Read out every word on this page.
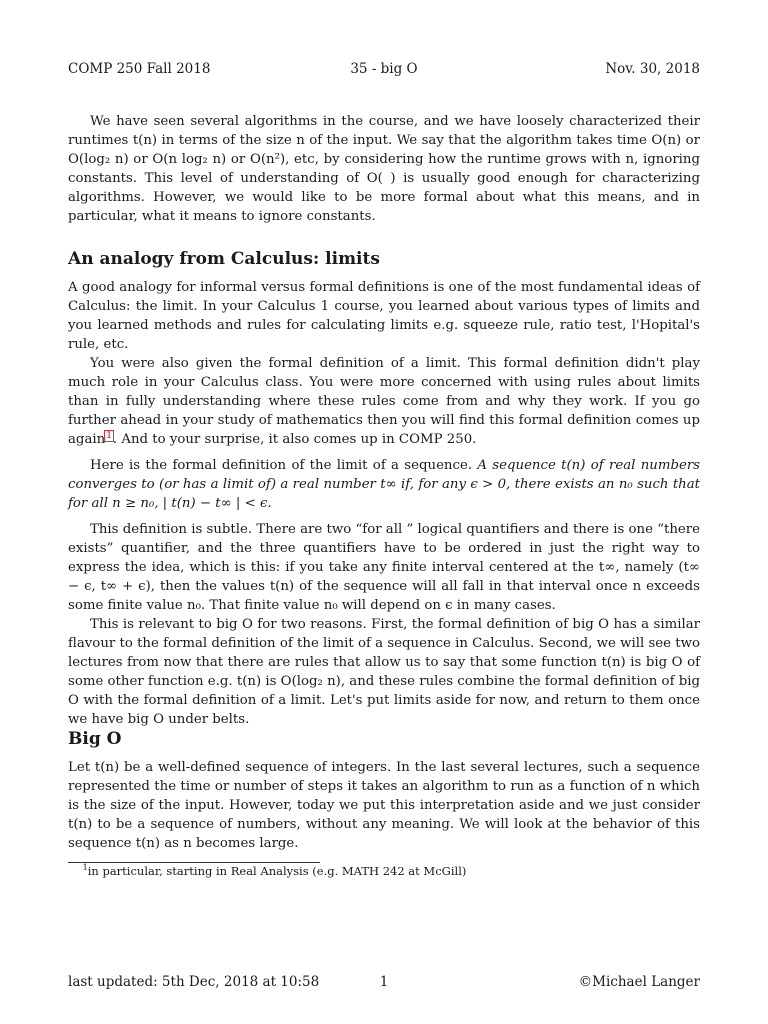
COMP 250 Fall 2018	35 - big O	Nov. 30, 2018

We have seen several algorithms in the course, and we have loosely characterized their runtimes t(n) in terms of the size n of the input. We say that the algorithm takes time O(n) or O(log₂ n) or O(n log₂ n) or O(n²), etc, by considering how the runtime grows with n, ignoring constants. This level of understanding of O( ) is usually good enough for characterizing algorithms. However, we would like to be more formal about what this means, and in particular, what it means to ignore constants.

An analogy from Calculus: limits

A good analogy for informal versus formal definitions is one of the most fundamental ideas of Calculus: the limit. In your Calculus 1 course, you learned about various types of limits and you learned methods and rules for calculating limits e.g. squeeze rule, ratio test, l'Hopital's rule, etc.

You were also given the formal definition of a limit. This formal definition didn't play much role in your Calculus class. You were more concerned with using rules about limits than in fully understanding where these rules come from and why they work. If you go further ahead in your study of mathematics then you will find this formal definition comes up again$^1$. And to your surprise, it also comes up in COMP 250.

Here is the formal definition of the limit of a sequence. A sequence t(n) of real numbers converges to (or has a limit of) a real number t∞ if, for any ϵ > 0, there exists an n₀ such that for all n ≥ n₀, | t(n) − t∞ | < ϵ.

This definition is subtle. There are two “for all ” logical quantifiers and there is one “there exists” quantifier, and the three quantifiers have to be ordered in just the right way to express the idea, which is this: if you take any finite interval centered at the t∞, namely (t∞ − ϵ, t∞ + ϵ), then the values t(n) of the sequence will all fall in that interval once n exceeds some finite value n₀. That finite value n₀ will depend on ϵ in many cases.

This is relevant to big O for two reasons. First, the formal definition of big O has a similar flavour to the formal definition of the limit of a sequence in Calculus. Second, we will see two lectures from now that there are rules that allow us to say that some function t(n) is big O of some other function e.g. t(n) is O(log₂ n), and these rules combine the formal definition of big O with the formal definition of a limit. Let's put limits aside for now, and return to them once we have big O under belts.

Big O

Let t(n) be a well-defined sequence of integers. In the last several lectures, such a sequence represented the time or number of steps it takes an algorithm to run as a function of n which is the size of the input. However, today we put this interpretation aside and we just consider t(n) to be a sequence of numbers, without any meaning. We will look at the behavior of this sequence t(n) as n becomes large.

$^1$in particular, starting in Real Analysis (e.g. MATH 242 at McGill)
last updated: 5th Dec, 2018 at 10:58	1	©Michael Langer
